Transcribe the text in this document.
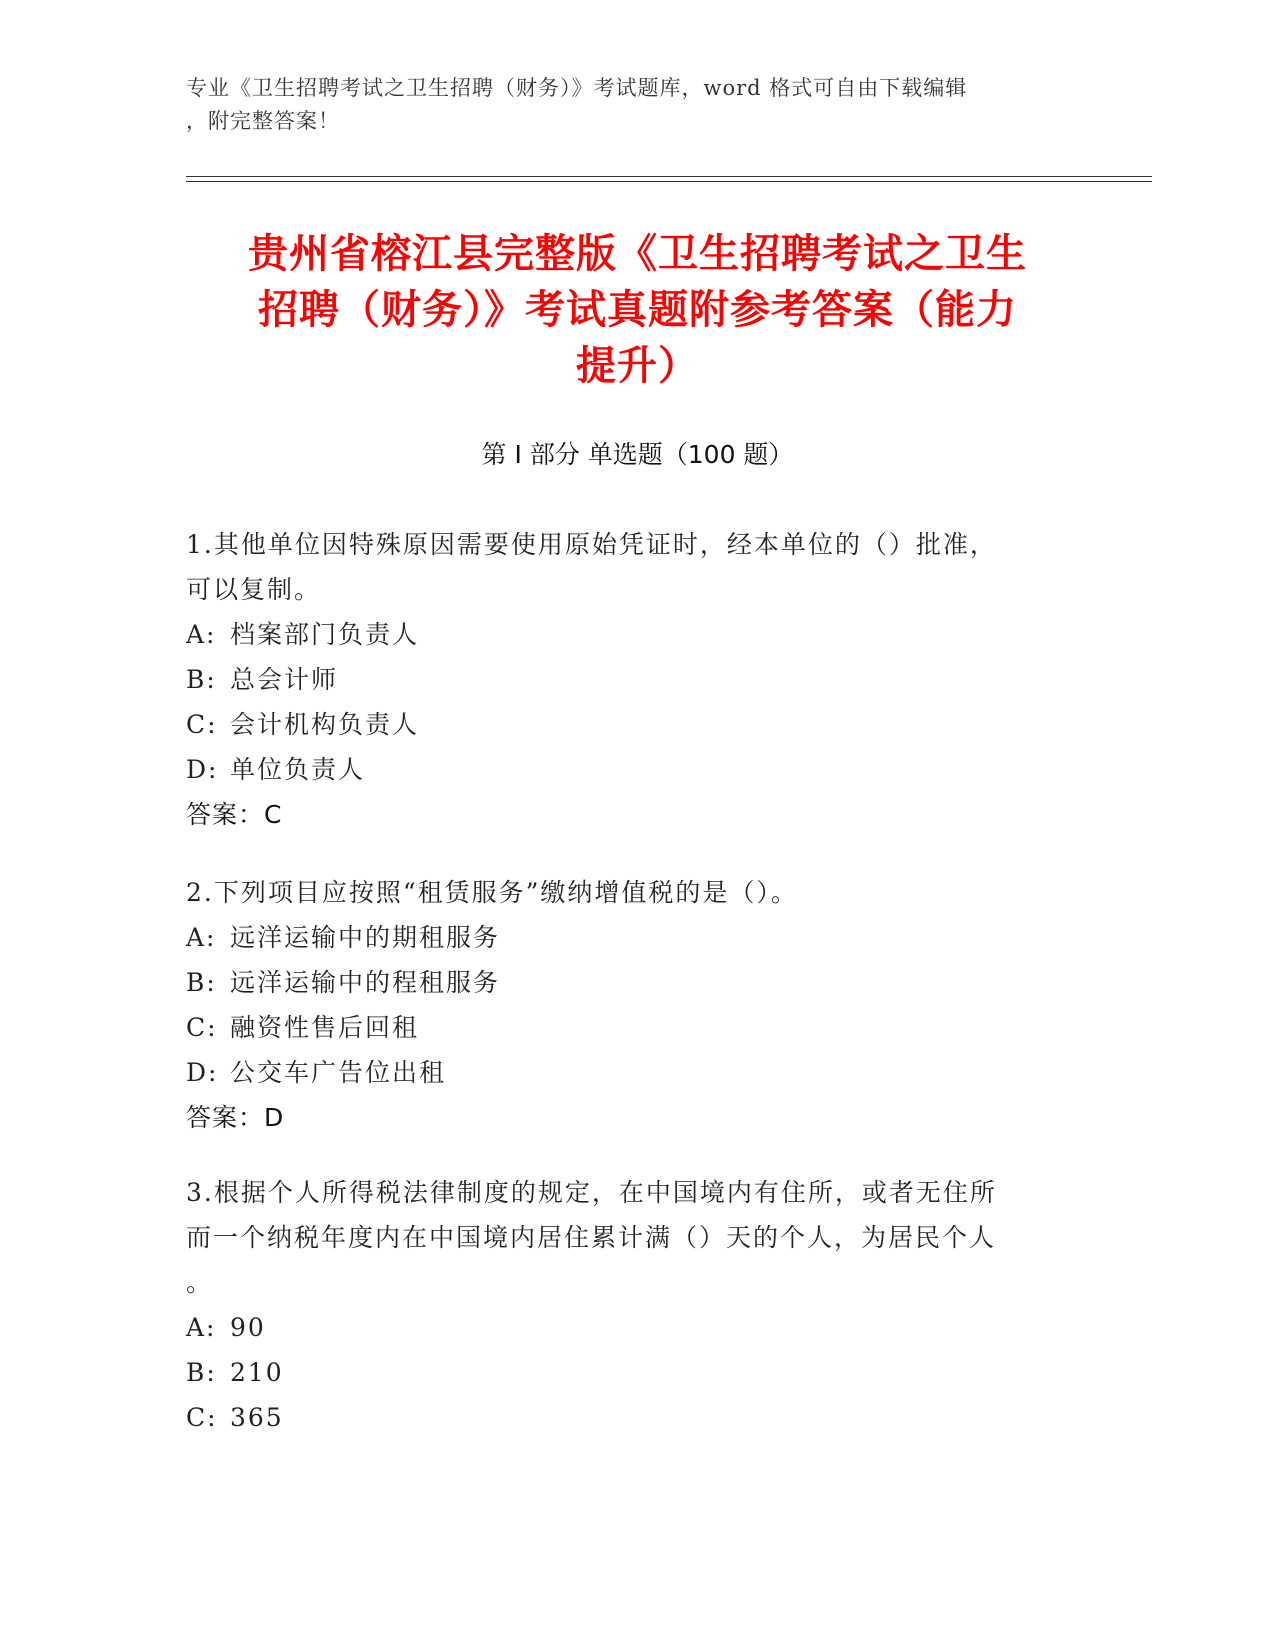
专业《卫生招聘考试之卫生招聘（财务）》考试题库，word 格式可自由下载编辑
，附完整答案！
贵州省榕江县完整版《卫生招聘考试之卫生
招聘（财务）》考试真题附参考答案（能力
提升）
第 I 部分 单选题（100 题）
1.其他单位因特殊原因需要使用原始凭证时，经本单位的（）批准，
可以复制。
A: 档案部门负责人
B: 总会计师
C: 会计机构负责人
D: 单位负责人
答案：C
2.下列项目应按照“租赁服务”缴纳增值税的是（）。
A: 远洋运输中的期租服务
B: 远洋运输中的程租服务
C: 融资性售后回租
D: 公交车广告位出租
答案：D
3.根据个人所得税法律制度的规定，在中国境内有住所，或者无住所
而一个纳税年度内在中国境内居住累计满（）天的个人，为居民个人
。
A: 90
B: 210
C: 365
